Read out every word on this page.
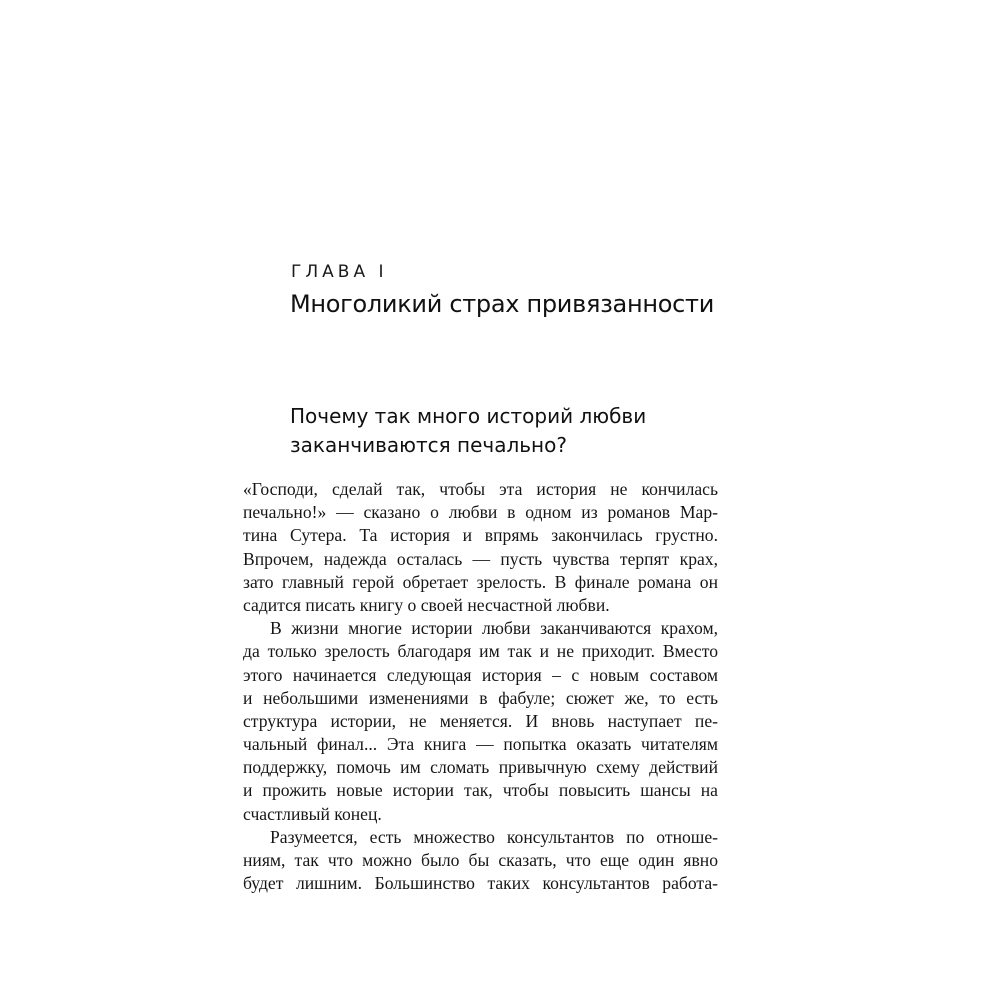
ГЛАВА I
Многоликий страх привязанности
Почему так много историй любви
заканчиваются печально?
«Господи, сделай так, чтобы эта история не кончилась
печально!» — сказано о любви в одном из романов Мар-
тина Сутера. Та история и впрямь закончилась грустно.
Впрочем, надежда осталась — пусть чувства терпят крах,
зато главный герой обретает зрелость. В финале романа он
садится писать книгу о своей несчастной любви.
В жизни многие истории любви заканчиваются крахом,
да только зрелость благодаря им так и не приходит. Вместо
этого начинается следующая история – с новым составом
и небольшими изменениями в фабуле; сюжет же, то есть
структура истории, не меняется. И вновь наступает пе-
чальный финал... Эта книга — попытка оказать читателям
поддержку, помочь им сломать привычную схему действий
и прожить новые истории так, чтобы повысить шансы на
счастливый конец.
Разумеется, есть множество консультантов по отноше-
ниям, так что можно было бы сказать, что еще один явно
будет лишним. Большинство таких консультантов работа-
